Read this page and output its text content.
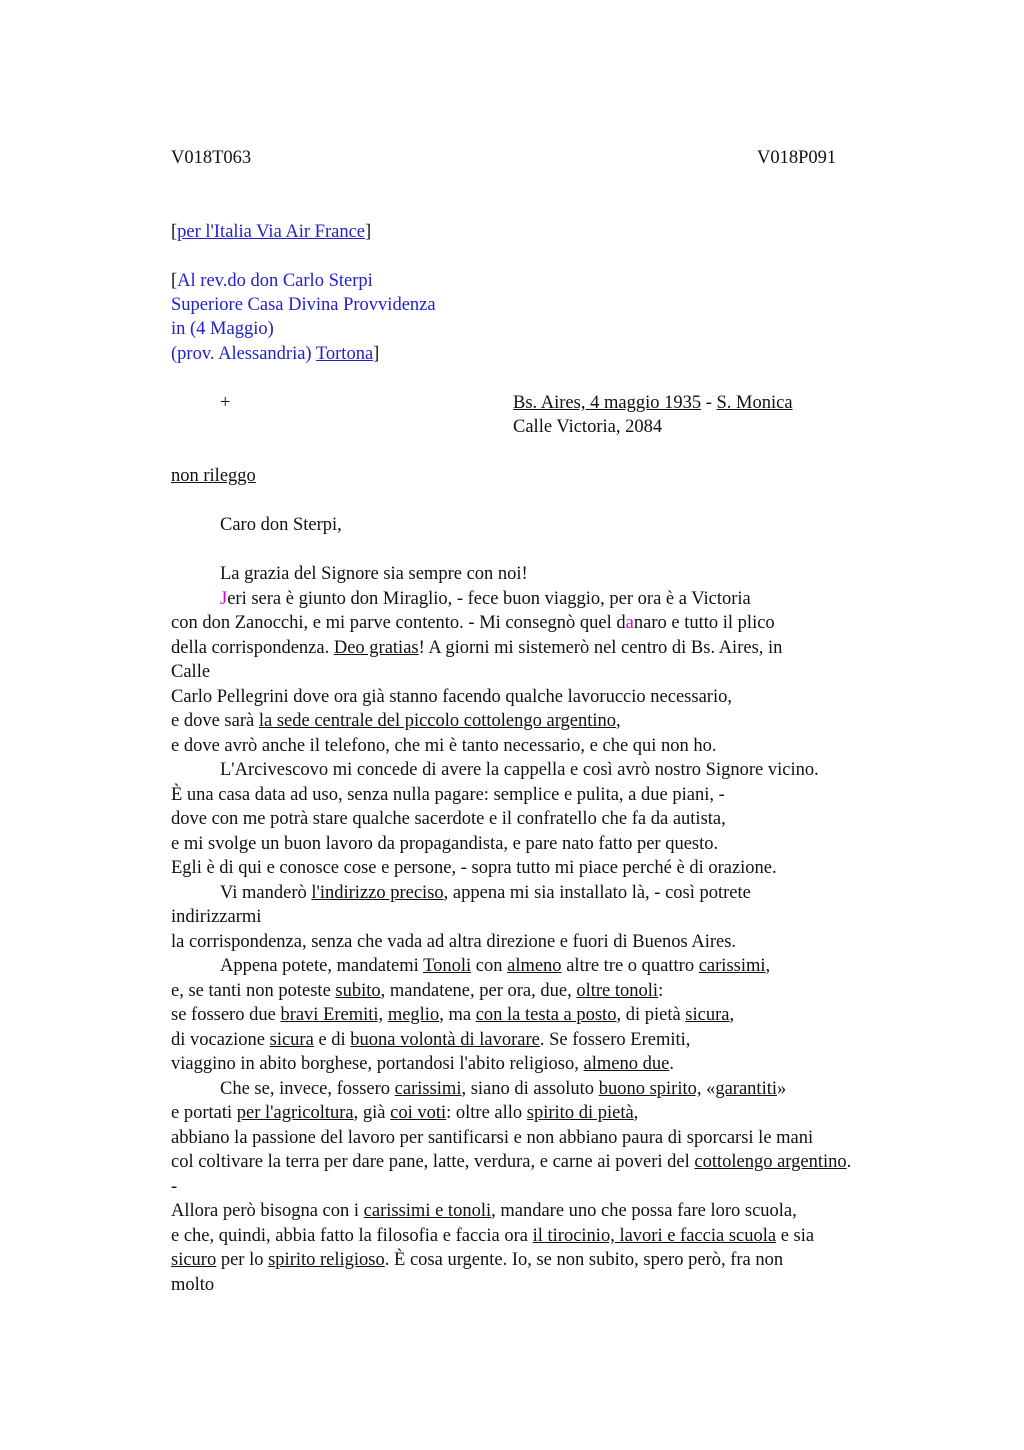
V018T063	V018P091
[per l'Italia Via Air France]
[Al rev.do don Carlo Sterpi
Superiore Casa Divina Provvidenza
in (4 Maggio)
(prov. Alessandria) Tortona]
+	Bs. Aires, 4 maggio 1935 - S. Monica
Calle Victoria, 2084
non rileggo
Caro don Sterpi,
La grazia del Signore sia sempre con noi!
Jeri sera è giunto don Miraglio, - fece buon viaggio, per ora è a Victoria
con don Zanocchi, e mi parve contento. - Mi consegnò quel danaro e tutto il plico
della corrispondenza. Deo gratias! A giorni mi sistemerò nel centro di Bs. Aires, in
Calle
Carlo Pellegrini dove ora già stanno facendo qualche lavoruccio necessario,
e dove sarà la sede centrale del piccolo cottolengo argentino,
e dove avrò anche il telefono, che mi è tanto necessario, e che qui non ho.
L'Arcivescovo mi concede di avere la cappella e così avrò nostro Signore vicino.
È una casa data ad uso, senza nulla pagare: semplice e pulita, a due piani, -
dove con me potrà stare qualche sacerdote e il confratello che fa da autista,
e mi svolge un buon lavoro da propagandista, e pare nato fatto per questo.
Egli è di qui e conosce cose e persone, - sopra tutto mi piace perché è di orazione.
Vi manderò l'indirizzo preciso, appena mi sia installato là, - così potrete
indirizzarmi
la corrispondenza, senza che vada ad altra direzione e fuori di Buenos Aires.
Appena potete, mandatemi Tonoli con almeno altre tre o quattro carissimi,
e, se tanti non poteste subito, mandatene, per ora, due, oltre tonoli:
se fossero due bravi Eremiti, meglio, ma con la testa a posto, di pietà sicura,
di vocazione sicura e di buona volontà di lavorare. Se fossero Eremiti,
viaggino in abito borghese, portandosi l'abito religioso, almeno due.
Che se, invece, fossero carissimi, siano di assoluto buono spirito, «garantiti»
e portati per l'agricoltura, già coi voti: oltre allo spirito di pietà,
abbiano la passione del lavoro per santificarsi e non abbiano paura di sporcarsi le mani
col coltivare la terra per dare pane, latte, verdura, e carne ai poveri del cottolengo argentino.
-
Allora però bisogna con i carissimi e tonoli, mandare uno che possa fare loro scuola,
e che, quindi, abbia fatto la filosofia e faccia ora il tirocinio, lavori e faccia scuola e sia
sicuro per lo spirito religioso. È cosa urgente. Io, se non subito, spero però, fra non
molto
